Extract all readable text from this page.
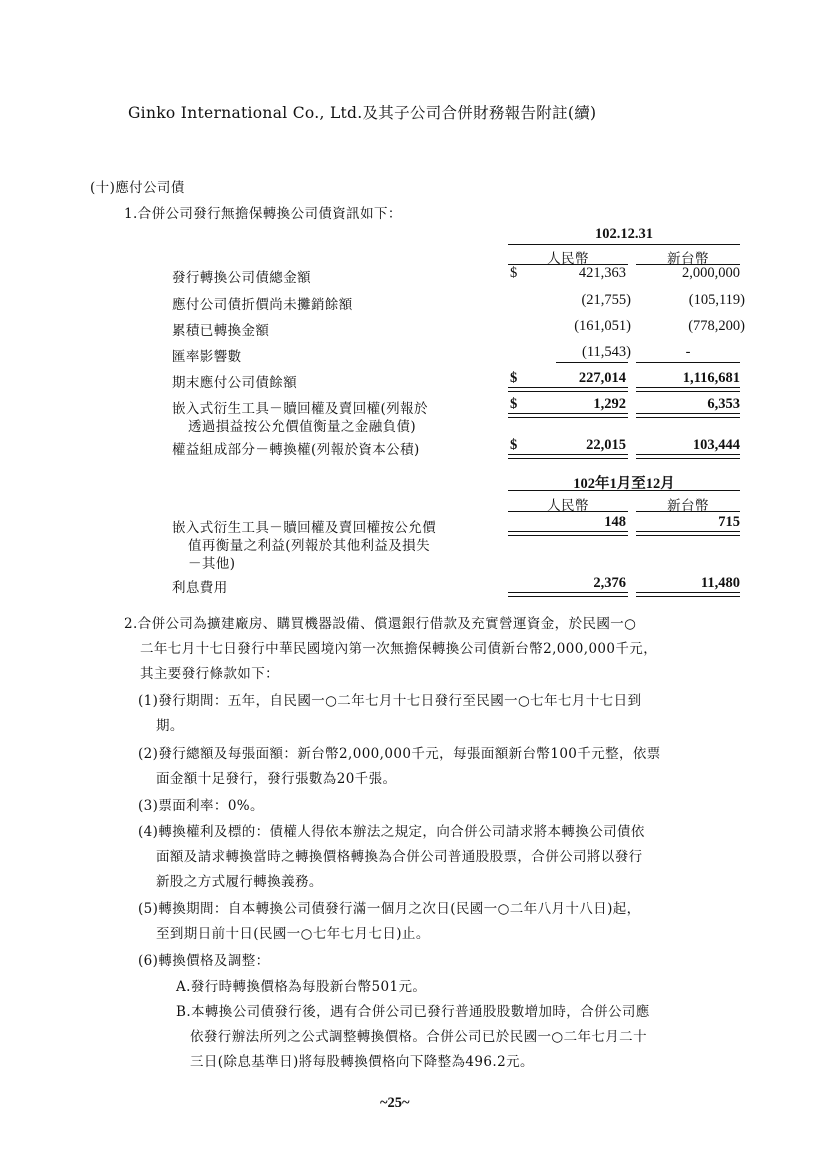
Ginko International Co., Ltd.及其子公司合併財務報告附註(續)
(十)應付公司債
1.合併公司發行無擔保轉換公司債資訊如下：
102.12.31
人民幣	新台幣
發行轉換公司債總金額	$	421,363	2,000,000
應付公司債折價尚未攤銷餘額	(21,755)	(105,119)
累積已轉換金額	(161,051)	(778,200)
匯率影響數	(11,543)	-
期末應付公司債餘額	$	227,014	1,116,681
嵌入式衍生工具－贖回權及賣回權(列報於
透過損益按公允價值衡量之金融負債)
$	1,292	6,353
權益組成部分－轉換權(列報於資本公積)	$	22,015	103,444
102年1月至12月
人民幣	新台幣
嵌入式衍生工具－贖回權及賣回權按公允價
值再衡量之利益(列報於其他利益及損失
－其他)
148	715
利息費用	2,376	11,480
2.合併公司為擴建廠房、購買機器設備、償還銀行借款及充實營運資金，於民國一○
二年七月十七日發行中華民國境內第一次無擔保轉換公司債新台幣2,000,000千元，
其主要發行條款如下：
(1)發行期間：五年，自民國一○二年七月十七日發行至民國一○七年七月十七日到
期。
(2)發行總額及每張面額：新台幣2,000,000千元，每張面額新台幣100千元整，依票
面金額十足發行，發行張數為20千張。
(3)票面利率：0%。
(4)轉換權利及標的：債權人得依本辦法之規定，向合併公司請求將本轉換公司債依
面額及請求轉換當時之轉換價格轉換為合併公司普通股股票，合併公司將以發行
新股之方式履行轉換義務。
(5)轉換期間：自本轉換公司債發行滿一個月之次日(民國一○二年八月十八日)起，
至到期日前十日(民國一○七年七月七日)止。
(6)轉換價格及調整：
A.發行時轉換價格為每股新台幣501元。
B.本轉換公司債發行後，遇有合併公司已發行普通股股數增加時，合併公司應
依發行辦法所列之公式調整轉換價格。合併公司已於民國一○二年七月二十
三日(除息基準日)將每股轉換價格向下降整為496.2元。
~25~
